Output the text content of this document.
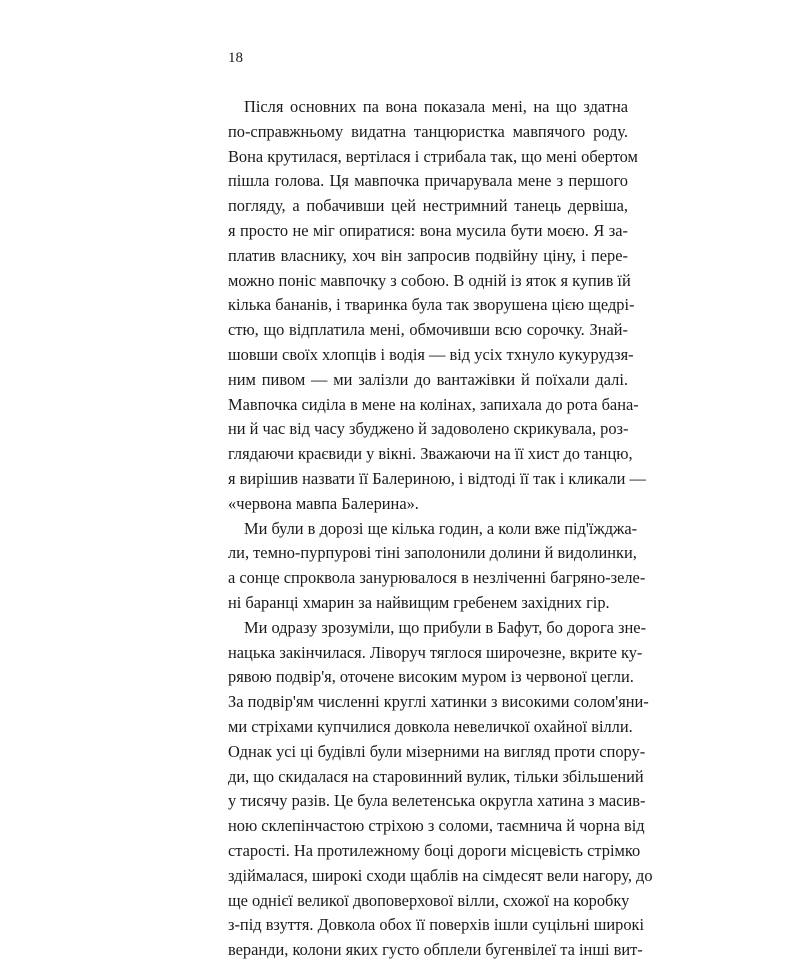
18

Після основних па вона показала мені, на що здатна
по-справжньому видатна танцюристка мавпячого роду.
Вона крутилася, вертілася і стрибала так, що мені обертом
пішла голова. Ця мавпочка причарувала мене з першого
погляду, а побачивши цей нестримний танець дервіша,
я просто не міг опиратися: вона мусила бути моєю. Я за-
платив власнику, хоч він запросив подвійну ціну, і пере-
можно поніс мавпочку з собою. В одній із яток я купив їй
кілька бананів, і тваринка була так зворушена цією щедрі-
стю, що відплатила мені, обмочивши всю сорочку. Знай-
шовши своїх хлопців і водія — від усіх тхнуло кукурудзя-
ним пивом — ми залізли до вантажівки й поїхали далі.
Мавпочка сиділа в мене на колінах, запихала до рота бана-
ни й час від часу збуджено й задоволено скрикувала, роз-
глядаючи краєвиди у вікні. Зважаючи на її хист до танцю,
я вирішив назвати її Балериною, і відтоді її так і кликали —
«червона мавпа Балерина».
Ми були в дорозі ще кілька годин, а коли вже під'їжджа-
ли, темно-пурпурові тіні заполонили долини й видолинки,
а сонце спроквола занурювалося в незліченні багряно-зеле-
ні баранці хмарин за найвищим гребенем західних гір.
Ми одразу зрозуміли, що прибули в Бафут, бо дорога зне-
нацька закінчилася. Ліворуч тяглося широчезне, вкрите ку-
рявою подвір'я, оточене високим муром із червоної цегли.
За подвір'ям численні круглі хатинки з високими солом'яни-
ми стріхами купчилися довкола невеличкої охайної вілли.
Однак усі ці будівлі були мізерними на вигляд проти спору-
ди, що скидалася на старовинний вулик, тільки збільшений
у тисячу разів. Це була велетенська округла хатина з масив-
ною склепінчастою стріхою з соломи, таємнича й чорна від
старості. На протилежному боці дороги місцевість стрімко
здіймалася, широкі сходи щаблів на сімдесят вели нагору, до
ще однієї великої двоповерхової вілли, схожої на коробку
з-під взуття. Довкола обох її поверхів ішли суцільні широкі
веранди, колони яких густо обплели бугенвілеї та інші вит-
